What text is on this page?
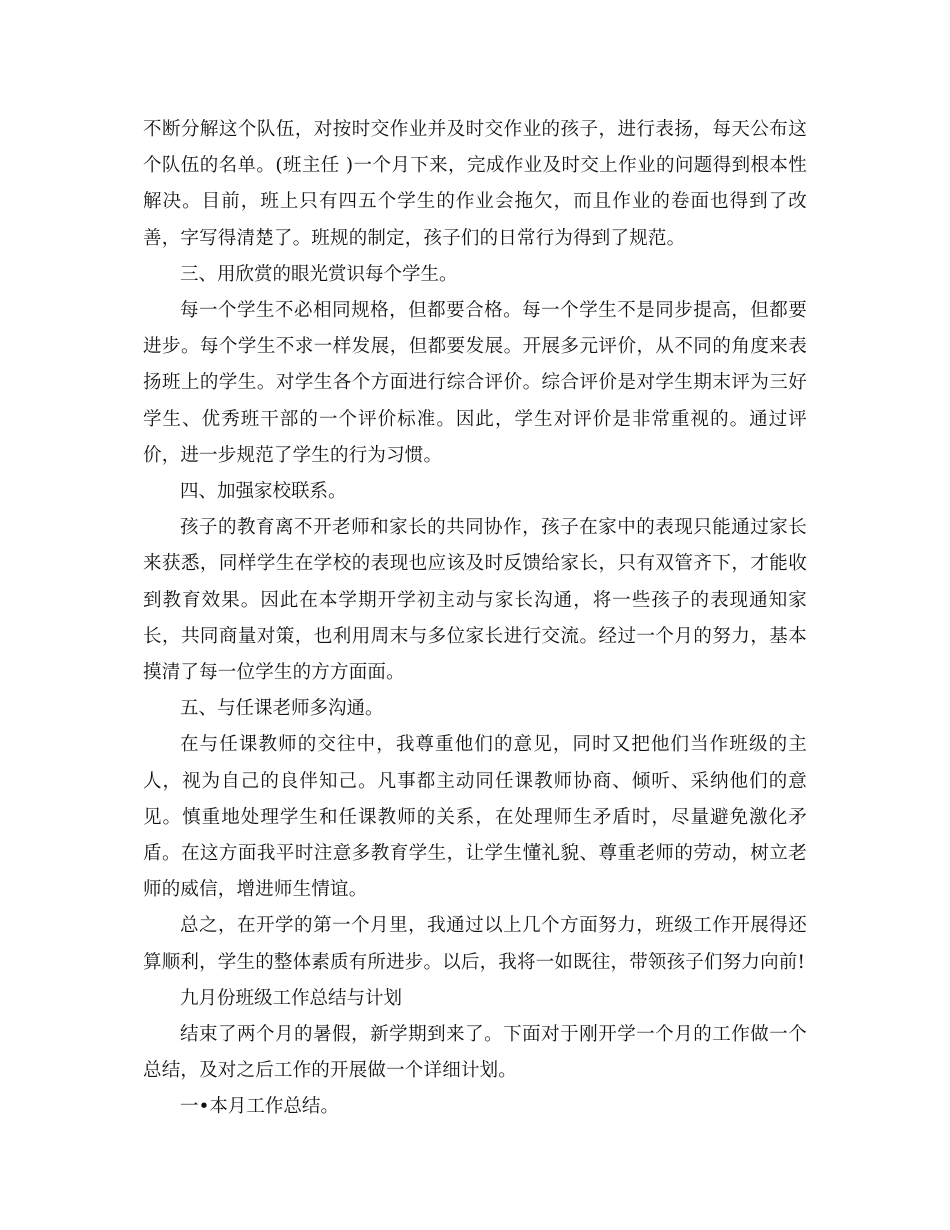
不断分解这个队伍，对按时交作业并及时交作业的孩子，进行表扬，每天公布这个队伍的名单。(班主任 )一个月下来，完成作业及时交上作业的问题得到根本性解决。目前，班上只有四五个学生的作业会拖欠，而且作业的卷面也得到了改善，字写得清楚了。班规的制定，孩子们的日常行为得到了规范。

三、用欣赏的眼光赏识每个学生。

每一个学生不必相同规格，但都要合格。每一个学生不是同步提高，但都要进步。每个学生不求一样发展，但都要发展。开展多元评价，从不同的角度来表扬班上的学生。对学生各个方面进行综合评价。综合评价是对学生期末评为三好学生、优秀班干部的一个评价标准。因此，学生对评价是非常重视的。通过评价，进一步规范了学生的行为习惯。

四、加强家校联系。

孩子的教育离不开老师和家长的共同协作，孩子在家中的表现只能通过家长来获悉，同样学生在学校的表现也应该及时反馈给家长，只有双管齐下，才能收到教育效果。因此在本学期开学初主动与家长沟通，将一些孩子的表现通知家长，共同商量对策，也利用周末与多位家长进行交流。经过一个月的努力，基本摸清了每一位学生的方方面面。

五、与任课老师多沟通。

在与任课教师的交往中，我尊重他们的意见，同时又把他们当作班级的主人，视为自己的良伴知己。凡事都主动同任课教师协商、倾听、采纳他们的意见。慎重地处理学生和任课教师的关系，在处理师生矛盾时，尽量避免激化矛盾。在这方面我平时注意多教育学生，让学生懂礼貌、尊重老师的劳动，树立老师的威信，增进师生情谊。

总之，在开学的第一个月里，我通过以上几个方面努力，班级工作开展得还算顺利，学生的整体素质有所进步。以后，我将一如既往，带领孩子们努力向前!

九月份班级工作总结与计划

结束了两个月的暑假，新学期到来了。下面对于刚开学一个月的工作做一个总结，及对之后工作的开展做一个详细计划。

一•本月工作总结。
